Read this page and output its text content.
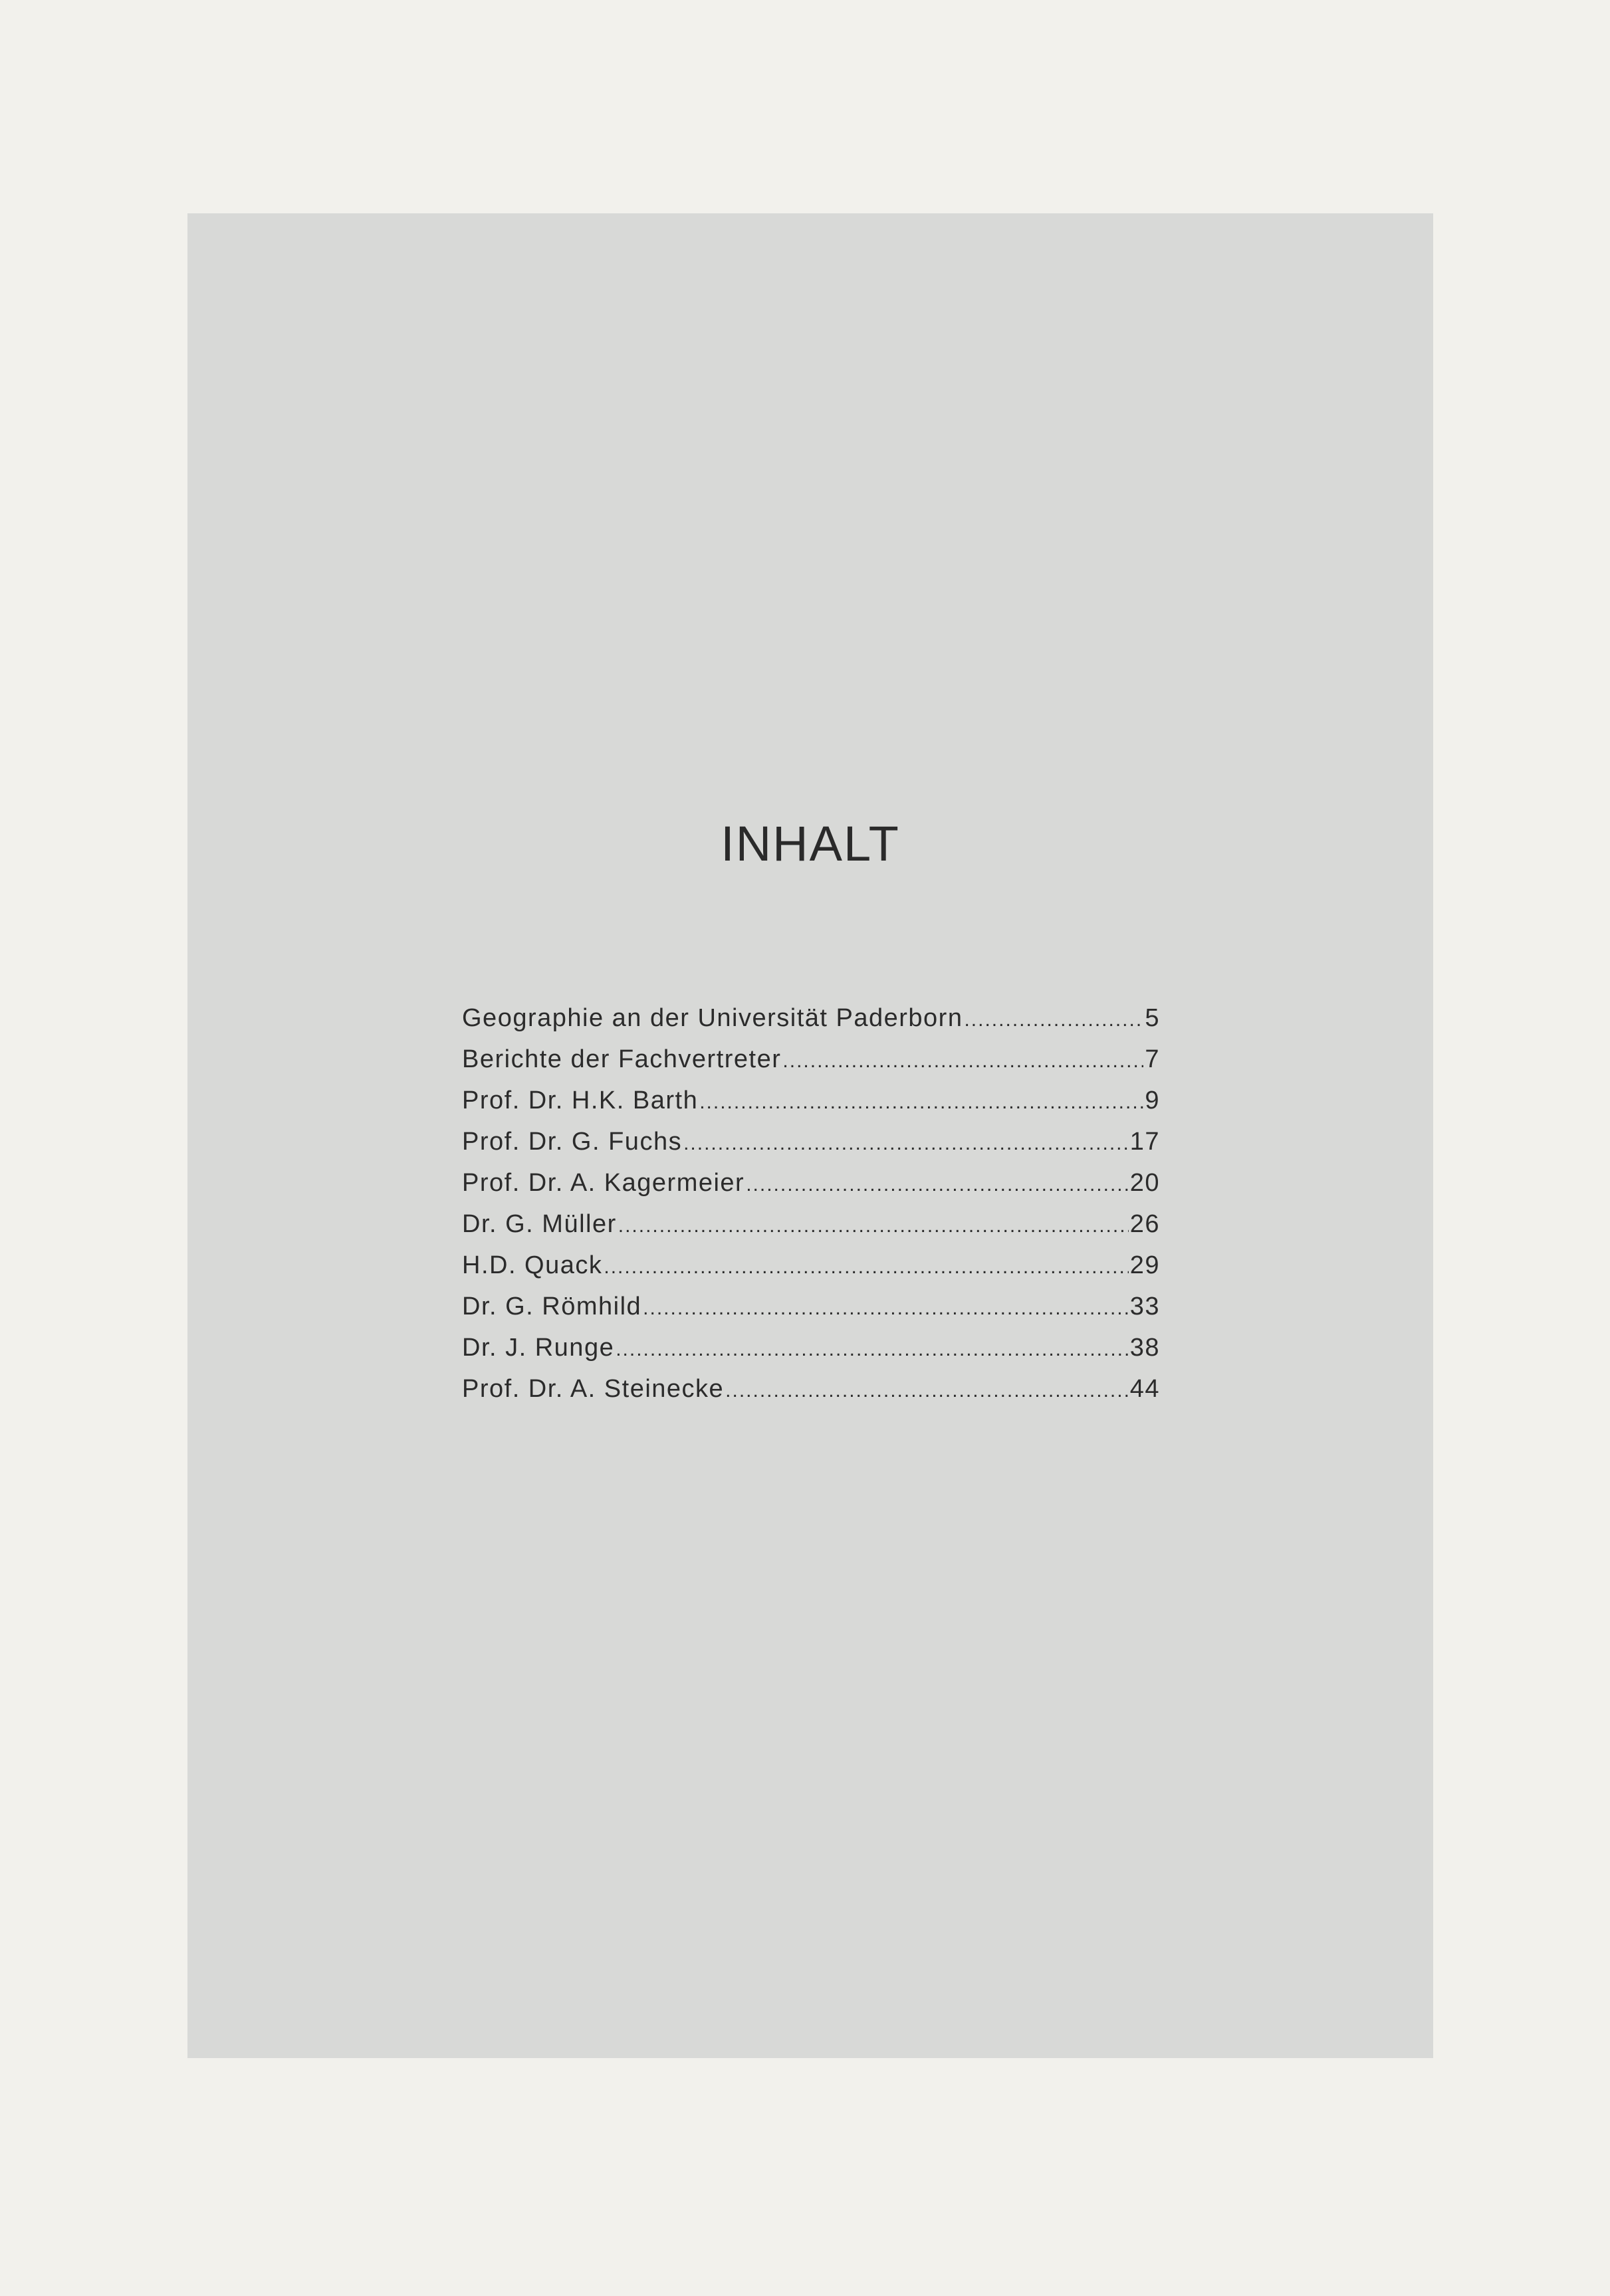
INHALT
Geographie an der Universität Paderborn .....	5
Berichte der Fachvertreter .....	7
Prof. Dr. H.K. Barth .....	9
Prof. Dr. G. Fuchs .....	17
Prof. Dr. A. Kagermeier .....	20
Dr. G. Müller .....	26
H.D. Quack .....	29
Dr. G. Römhild .....	33
Dr. J. Runge .....	38
Prof. Dr. A. Steinecke .....	44
